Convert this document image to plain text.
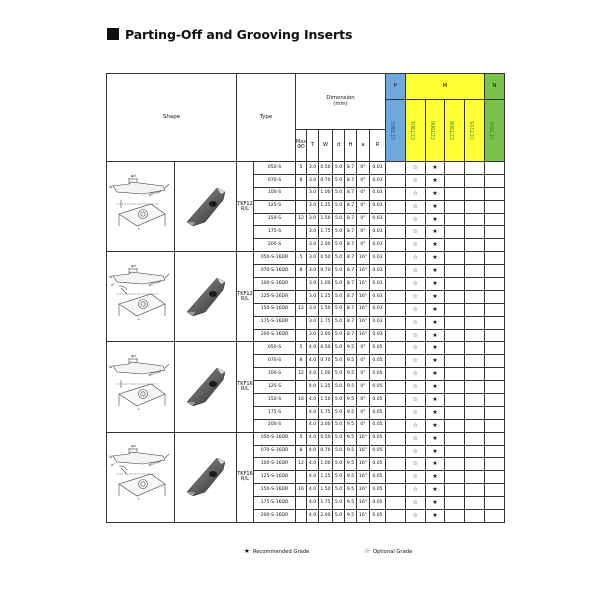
Parting-Off and Grooving Inserts
Shape		Type		Dimension
(mm)							P	M				N
											CCT802	CCT901	CCT906	CCT908	CCT215	CCT600
				Max
ΦD	T	W	d	H	a	R						

φd
φDmax
W
L		TKF12
R/L	050-S	5	3.0	0.50	5.0	8.7	0°	0.03		☆	★			
			070-S	8	3.0	0.70	5.0	8.7	0°	0.03		☆	★			
			100-S		3.0	1.00	5.0	8.7	0°	0.03		☆	★			
			125-S		3.0	1.25	5.0	8.7	0°	0.03		☆	★			
			150-S	12	3.0	1.50	5.0	8.7	0°	0.03		☆	★			
			175-S		3.0	1.75	5.0	8.7	0°	0.03		☆	★			
			200-S		3.0	2.00	5.0	8.7	0°	0.03		☆	★			

φd
φDmax
W
L
a°		TKF12
R/L	050-S-16DR	5	3.0	0.50	5.0	8.7	16°	0.03		☆	★			
			070-S-16DR	8	3.0	0.70	5.0	8.7	16°	0.03		☆	★			
			100-S-16DR		3.0	1.00	5.0	8.7	16°	0.03		☆	★			
			125-S-16DR		3.0	1.25	5.0	8.7	16°	0.03		☆	★			
			150-S-16DR	12	3.0	1.50	5.0	8.7	16°	0.03		☆	★			
			175-S-16DR		3.0	1.75	5.0	8.7	16°	0.03		☆	★			
			200-S-16DR		3.0	2.00	5.0	8.7	16°	0.03		☆	★			

φd
φDmax
W
L		TKF16
R/L	050-S	5	4.0	0.50	5.0	9.5	0°	0.05		☆	★			
			070-S	8	4.0	0.70	5.0	9.5	0°	0.05		☆	★			
			100-S	12	4.0	1.00	5.0	9.5	0°	0.05		☆	★			
			125-S		4.0	1.25	5.0	9.5	0°	0.05		☆	★			
			150-S	16	4.0	1.50	5.0	9.5	0°	0.05		☆	★			
			175-S		4.0	1.75	5.0	9.5	0°	0.05		☆	★			
			200-S		4.0	2.00	5.0	9.5	0°	0.05		☆	★			

φd
φDmax
W
L
a°		TKF16
R/L	050-S-16DR	5	4.0	0.50	5.0	9.5	16°	0.05		☆	★			
			070-S-16DR	8	4.0	0.70	5.0	9.5	16°	0.05		☆	★			
			100-S-16DR	12	4.0	1.00	5.0	9.5	16°	0.05		☆	★			
			125-S-16DR		4.0	1.25	5.0	9.5	16°	0.05		☆	★			
			150-S-16DR	16	4.0	1.50	5.0	9.5	16°	0.05		☆	★			
			175-S-16DR		4.0	1.75	5.0	9.5	16°	0.05		☆	★			
			200-S-16DR		4.0	2.00	5.0	9.5	16°	0.05		☆	★			
★ Recommended Grade	☆ Optional Grade
